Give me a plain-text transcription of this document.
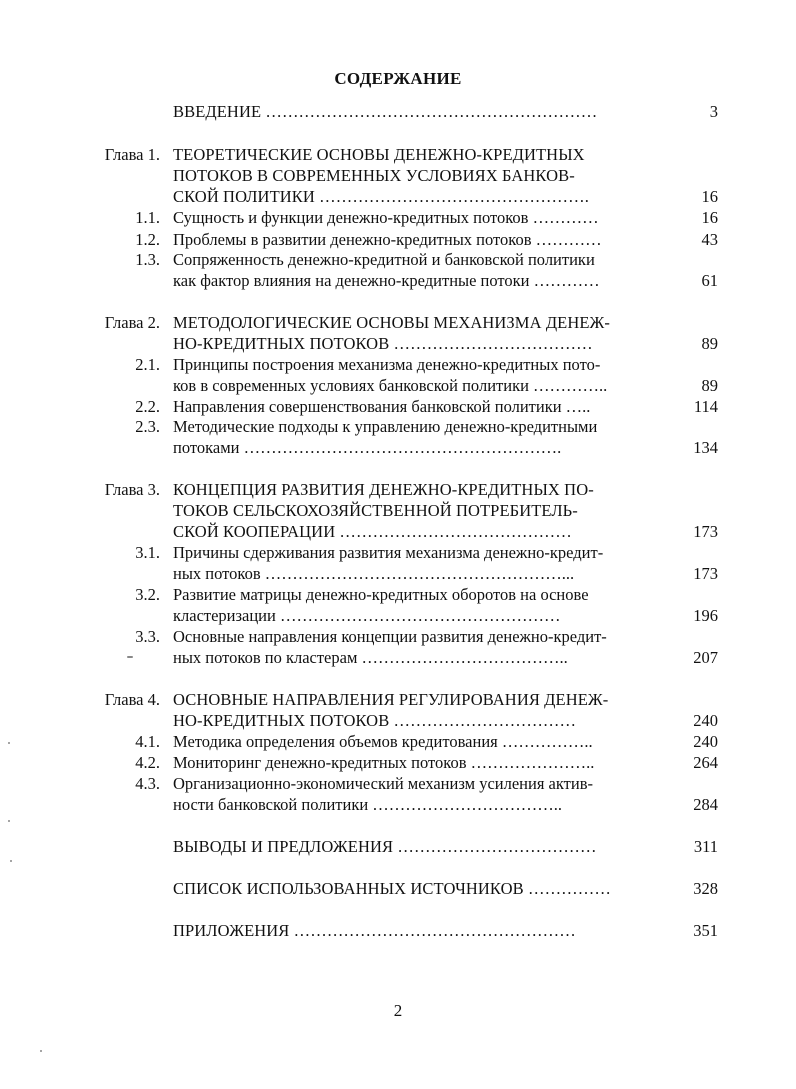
СОДЕРЖАНИЕ
ВВЕДЕНИЕ ……………………………………………………	3
Глава 1. ТЕОРЕТИЧЕСКИЕ ОСНОВЫ ДЕНЕЖНО-КРЕДИТНЫХ
ПОТОКОВ В СОВРЕМЕННЫХ УСЛОВИЯХ БАНКОВ-
СКОЙ ПОЛИТИКИ ………………………………………….	16
1.1. Сущность и функции денежно-кредитных потоков …………	16
1.2. Проблемы в развитии денежно-кредитных потоков …………	43
1.3. Сопряженность денежно-кредитной и банковской политики
как фактор влияния на денежно-кредитные потоки …………	61
Глава 2. МЕТОДОЛОГИЧЕСКИЕ ОСНОВЫ МЕХАНИЗМА ДЕНЕЖ-
НО-КРЕДИТНЫХ ПОТОКОВ ………………………………	89
2.1. Принципы построения механизма денежно-кредитных пото-
ков в современных условиях банковской политики …………..	89
2.2. Направления совершенствования банковской политики …..	114
2.3. Методические подходы к управлению денежно-кредитными
потоками ………………………………………………….	134
Глава 3. КОНЦЕПЦИЯ РАЗВИТИЯ ДЕНЕЖНО-КРЕДИТНЫХ ПО-
ТОКОВ СЕЛЬСКОХОЗЯЙСТВЕННОЙ ПОТРЕБИТЕЛЬ-
СКОЙ КООПЕРАЦИИ ……………………………………	173
3.1. Причины сдерживания развития механизма денежно-кредит-
ных потоков ………………………………………………...	173
3.2. Развитие матрицы денежно-кредитных оборотов на основе
кластеризации ……………………………………………	196
3.3. Основные направления концепции развития денежно-кредит-
ных потоков по кластерам ………………………………..	207
Глава 4. ОСНОВНЫЕ НАПРАВЛЕНИЯ РЕГУЛИРОВАНИЯ ДЕНЕЖ-
НО-КРЕДИТНЫХ ПОТОКОВ ……………………………	240
4.1. Методика определения объемов кредитования ……………..	240
4.2. Мониторинг денежно-кредитных потоков …………………..	264
4.3. Организационно-экономический механизм усиления актив-
ности банковской политики ……………………………..	284
ВЫВОДЫ И ПРЕДЛОЖЕНИЯ ………………………………	311
СПИСОК ИСПОЛЬЗОВАННЫХ ИСТОЧНИКОВ ……………	328
ПРИЛОЖЕНИЯ ……………………………………………	351
2
